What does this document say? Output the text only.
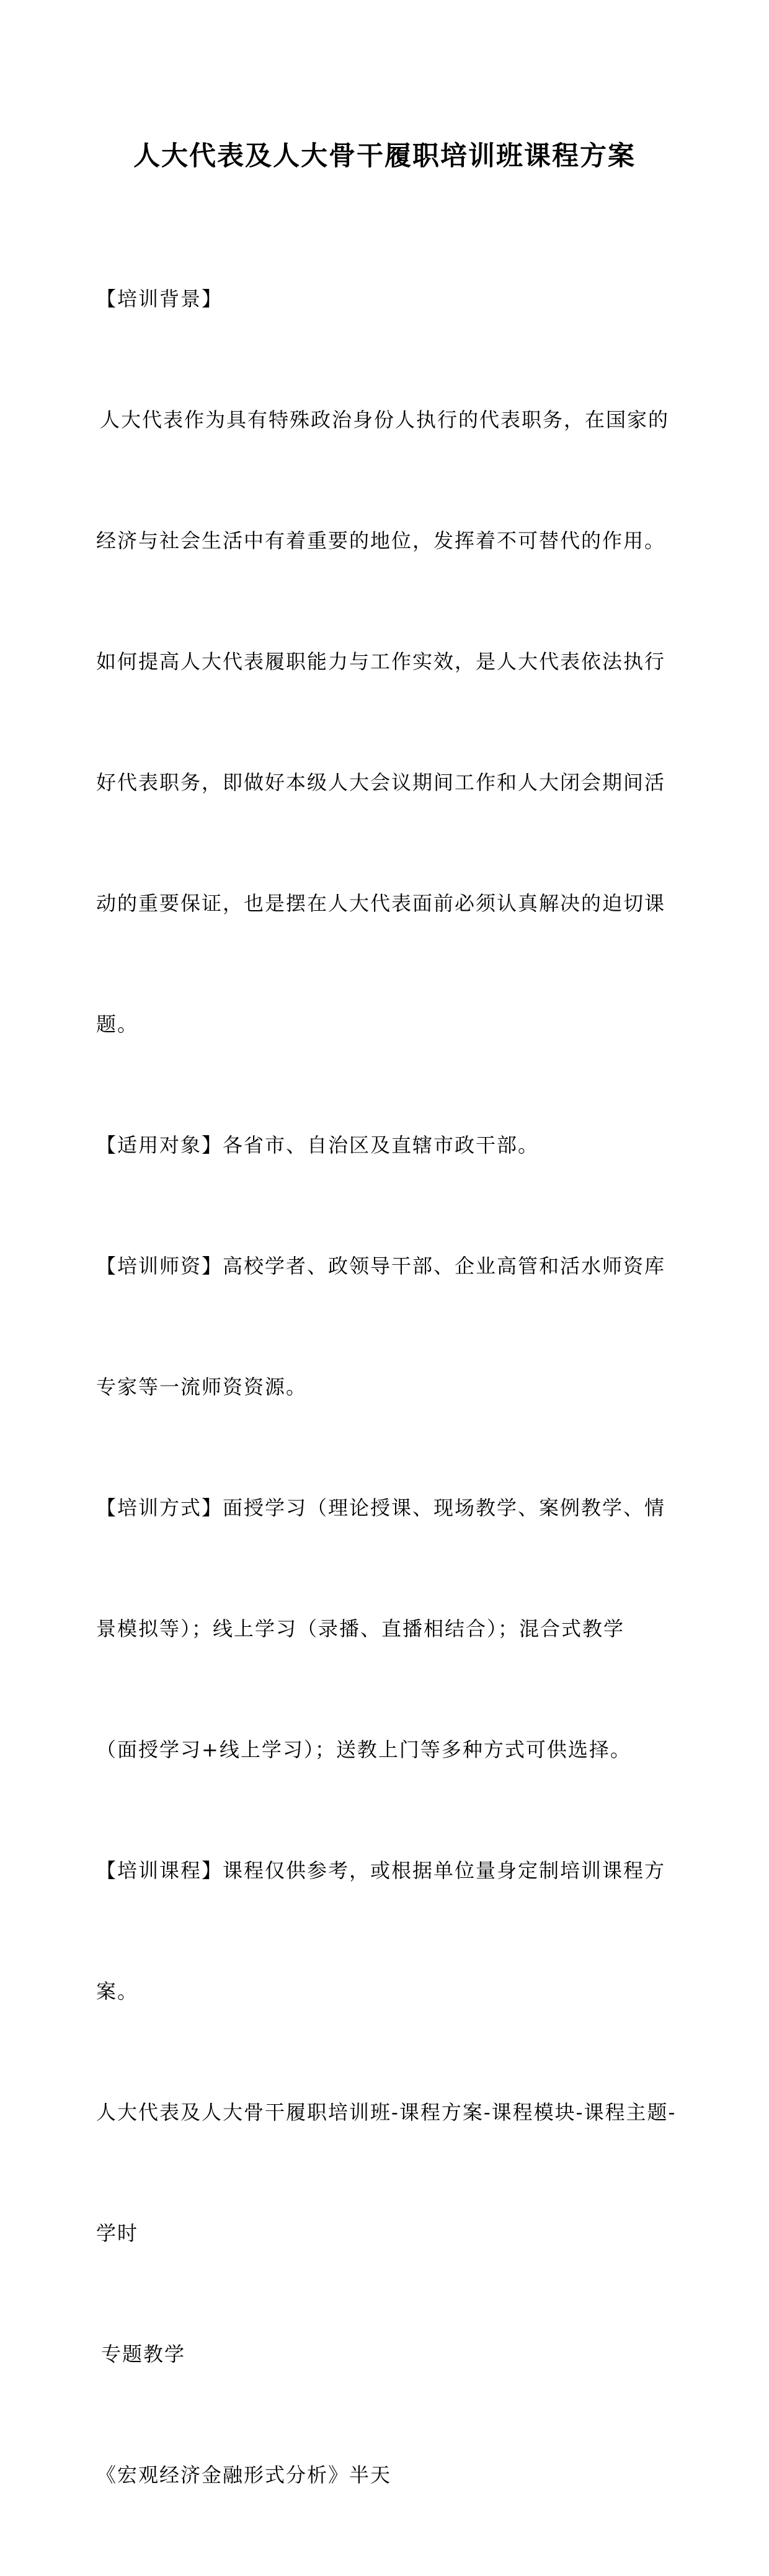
人大代表及人大骨干履职培训班课程方案

【培训背景】

人大代表作为具有特殊政治身份人执行的代表职务，在国家的

经济与社会生活中有着重要的地位，发挥着不可替代的作用。

如何提高人大代表履职能力与工作实效，是人大代表依法执行

好代表职务，即做好本级人大会议期间工作和人大闭会期间活

动的重要保证，也是摆在人大代表面前必须认真解决的迫切课

题。

【适用对象】各省市、自治区及直辖市政干部。

【培训师资】高校学者、政领导干部、企业高管和活水师资库

专家等一流师资资源。

【培训方式】面授学习（理论授课、现场教学、案例教学、情

景模拟等）；线上学习（录播、直播相结合）；混合式教学

（面授学习+线上学习）；送教上门等多种方式可供选择。

【培训课程】课程仅供参考，或根据单位量身定制培训课程方

案。

人大代表及人大骨干履职培训班-课程方案-课程模块-课程主题-

学时

专题教学

《宏观经济金融形式分析》半天
